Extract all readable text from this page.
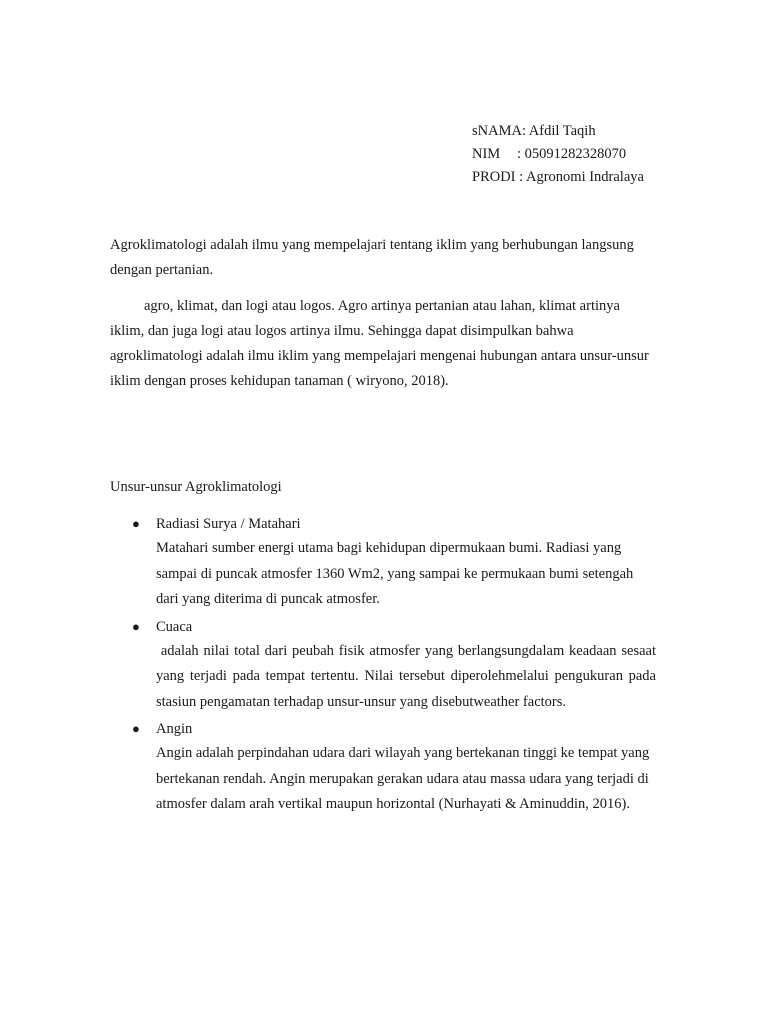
sNAMA: Afdil Taqih
NIM : 05091282328070
PRODI : Agronomi Indralaya

Agroklimatologi adalah ilmu yang mempelajari tentang iklim yang berhubungan langsung dengan pertanian.

agro, klimat, dan logi atau logos. Agro artinya pertanian atau lahan, klimat artinya iklim, dan juga logi atau logos artinya ilmu. Sehingga dapat disimpulkan bahwa agroklimatologi adalah ilmu iklim yang mempelajari mengenai hubungan antara unsur-unsur iklim dengan proses kehidupan tanaman ( wiryono, 2018).

Unsur-unsur Agroklimatologi
● Radiasi Surya / Matahari
Matahari sumber energi utama bagi kehidupan dipermukaan bumi. Radiasi yang sampai di puncak atmosfer 1360 Wm2, yang sampai ke permukaan bumi setengah dari yang diterima di puncak atmosfer.
● Cuaca
adalah nilai total dari peubah fisik atmosfer yang berlangsungdalam keadaan sesaat yang terjadi pada tempat tertentu. Nilai tersebut diperolehmelalui pengukuran pada stasiun pengamatan terhadap unsur-unsur yang disebutweather factors.
● Angin
Angin adalah perpindahan udara dari wilayah yang bertekanan tinggi ke tempat yang bertekanan rendah. Angin merupakan gerakan udara atau massa udara yang terjadi di atmosfer dalam arah vertikal maupun horizontal (Nurhayati & Aminuddin, 2016).
